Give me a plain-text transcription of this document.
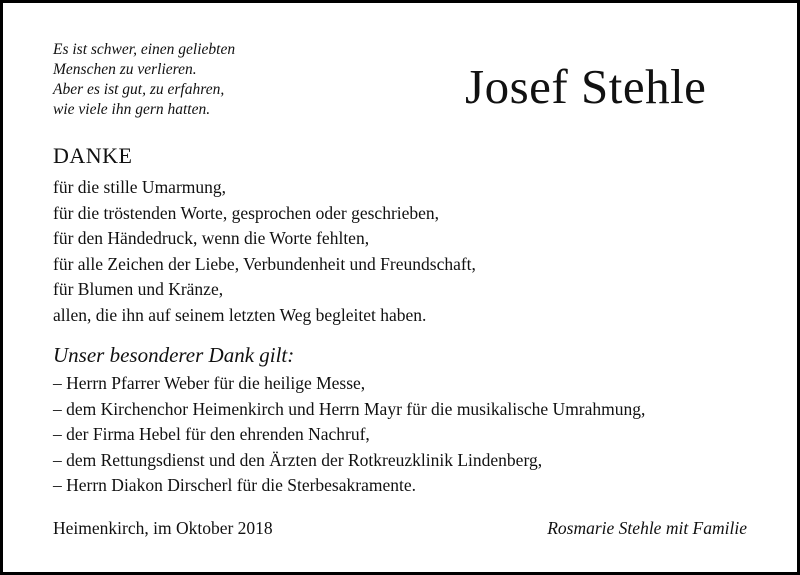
Es ist schwer, einen geliebten
Menschen zu verlieren.
Aber es ist gut, zu erfahren,
wie viele ihn gern hatten.	Josef Stehle
DANKE
für die stille Umarmung,
für die tröstenden Worte, gesprochen oder geschrieben,
für den Händedruck, wenn die Worte fehlten,
für alle Zeichen der Liebe, Verbundenheit und Freundschaft,
für Blumen und Kränze,
allen, die ihn auf seinem letzten Weg begleitet haben.
Unser besonderer Dank gilt:
– Herrn Pfarrer Weber für die heilige Messe,
– dem Kirchenchor Heimenkirch und Herrn Mayr für die musikalische Umrahmung,
– der Firma Hebel für den ehrenden Nachruf,
– dem Rettungsdienst und den Ärzten der Rotkreuzklinik Lindenberg,
– Herrn Diakon Dirscherl für die Sterbesakramente.
Heimenkirch, im Oktober 2018	Rosmarie Stehle mit Familie
